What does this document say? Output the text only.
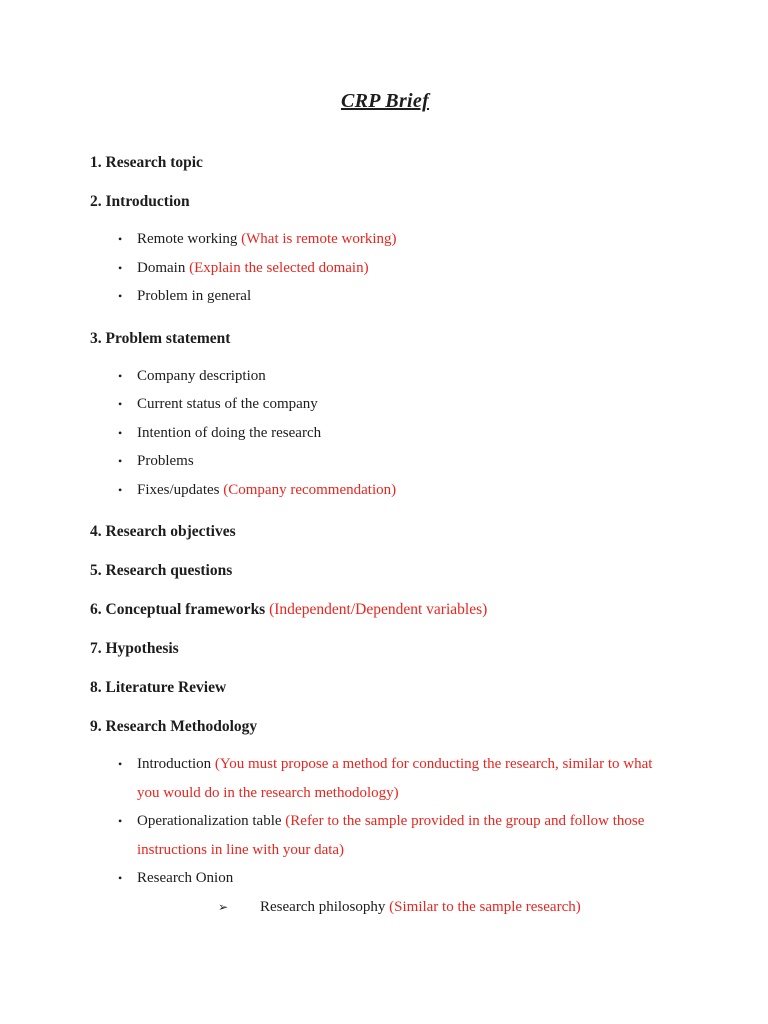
CRP Brief
1. Research topic
2. Introduction
• Remote working (What is remote working)
• Domain (Explain the selected domain)
• Problem in general
3. Problem statement
• Company description
• Current status of the company
• Intention of doing the research
• Problems
• Fixes/updates (Company recommendation)
4. Research objectives
5. Research questions
6. Conceptual frameworks (Independent/Dependent variables)
7. Hypothesis
8. Literature Review
9. Research Methodology
• Introduction (You must propose a method for conducting the research, similar to what you would do in the research methodology)
• Operationalization table (Refer to the sample provided in the group and follow those instructions in line with your data)
• Research Onion
➢	Research philosophy (Similar to the sample research)
